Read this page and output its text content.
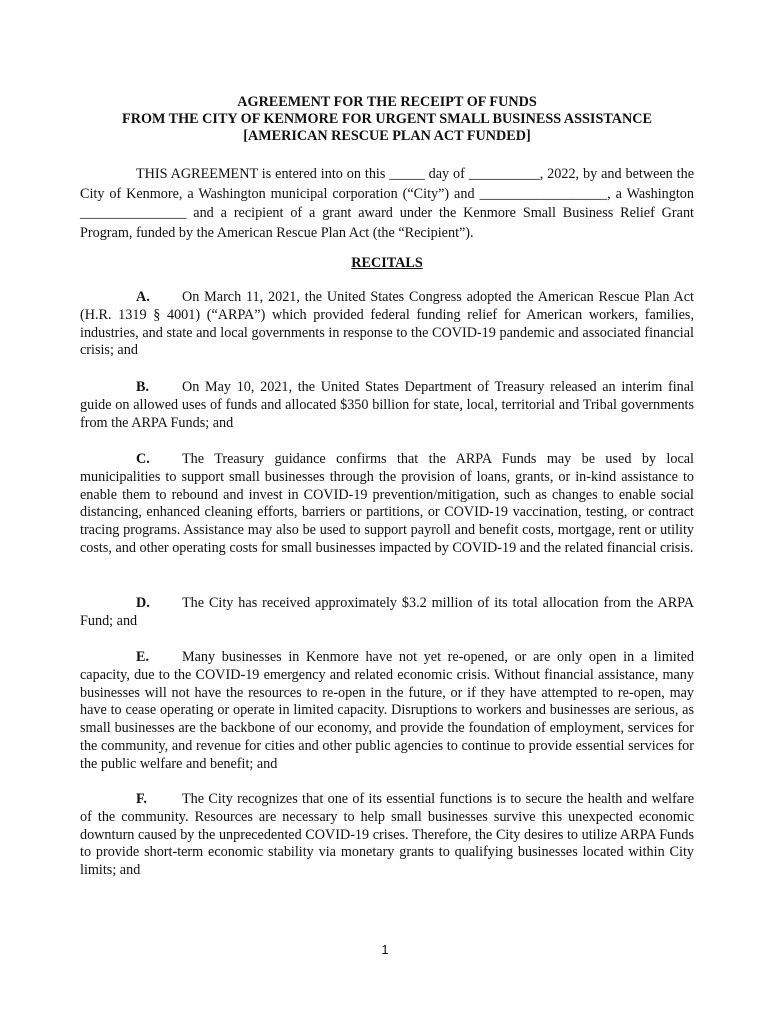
AGREEMENT FOR THE RECEIPT OF FUNDS
FROM THE CITY OF KENMORE FOR URGENT SMALL BUSINESS ASSISTANCE
[AMERICAN RESCUE PLAN ACT FUNDED]

THIS AGREEMENT is entered into on this _____ day of __________, 2022, by and between the City of Kenmore, a Washington municipal corporation (“City”) and __________________, a Washington _______________ and a recipient of a grant award under the Kenmore Small Business Relief Grant Program, funded by the American Rescue Plan Act (the “Recipient”).

RECITALS

A. On March 11, 2021, the United States Congress adopted the American Rescue Plan Act (H.R. 1319 § 4001) (“ARPA”) which provided federal funding relief for American workers, families, industries, and state and local governments in response to the COVID-19 pandemic and associated financial crisis; and

B. On May 10, 2021, the United States Department of Treasury released an interim final guide on allowed uses of funds and allocated $350 billion for state, local, territorial and Tribal governments from the ARPA Funds; and

C. The Treasury guidance confirms that the ARPA Funds may be used by local municipalities to support small businesses through the provision of loans, grants, or in-kind assistance to enable them to rebound and invest in COVID-19 prevention/mitigation, such as changes to enable social distancing, enhanced cleaning efforts, barriers or partitions, or COVID-19 vaccination, testing, or contract tracing programs. Assistance may also be used to support payroll and benefit costs, mortgage, rent or utility costs, and other operating costs for small businesses impacted by COVID-19 and the related financial crisis.

D. The City has received approximately $3.2 million of its total allocation from the ARPA Fund; and

E. Many businesses in Kenmore have not yet re-opened, or are only open in a limited capacity, due to the COVID-19 emergency and related economic crisis. Without financial assistance, many businesses will not have the resources to re-open in the future, or if they have attempted to re-open, may have to cease operating or operate in limited capacity. Disruptions to workers and businesses are serious, as small businesses are the backbone of our economy, and provide the foundation of employment, services for the community, and revenue for cities and other public agencies to continue to provide essential services for the public welfare and benefit; and

F. The City recognizes that one of its essential functions is to secure the health and welfare of the community. Resources are necessary to help small businesses survive this unexpected economic downturn caused by the unprecedented COVID-19 crises. Therefore, the City desires to utilize ARPA Funds to provide short-term economic stability via monetary grants to qualifying businesses located within City limits; and

1
